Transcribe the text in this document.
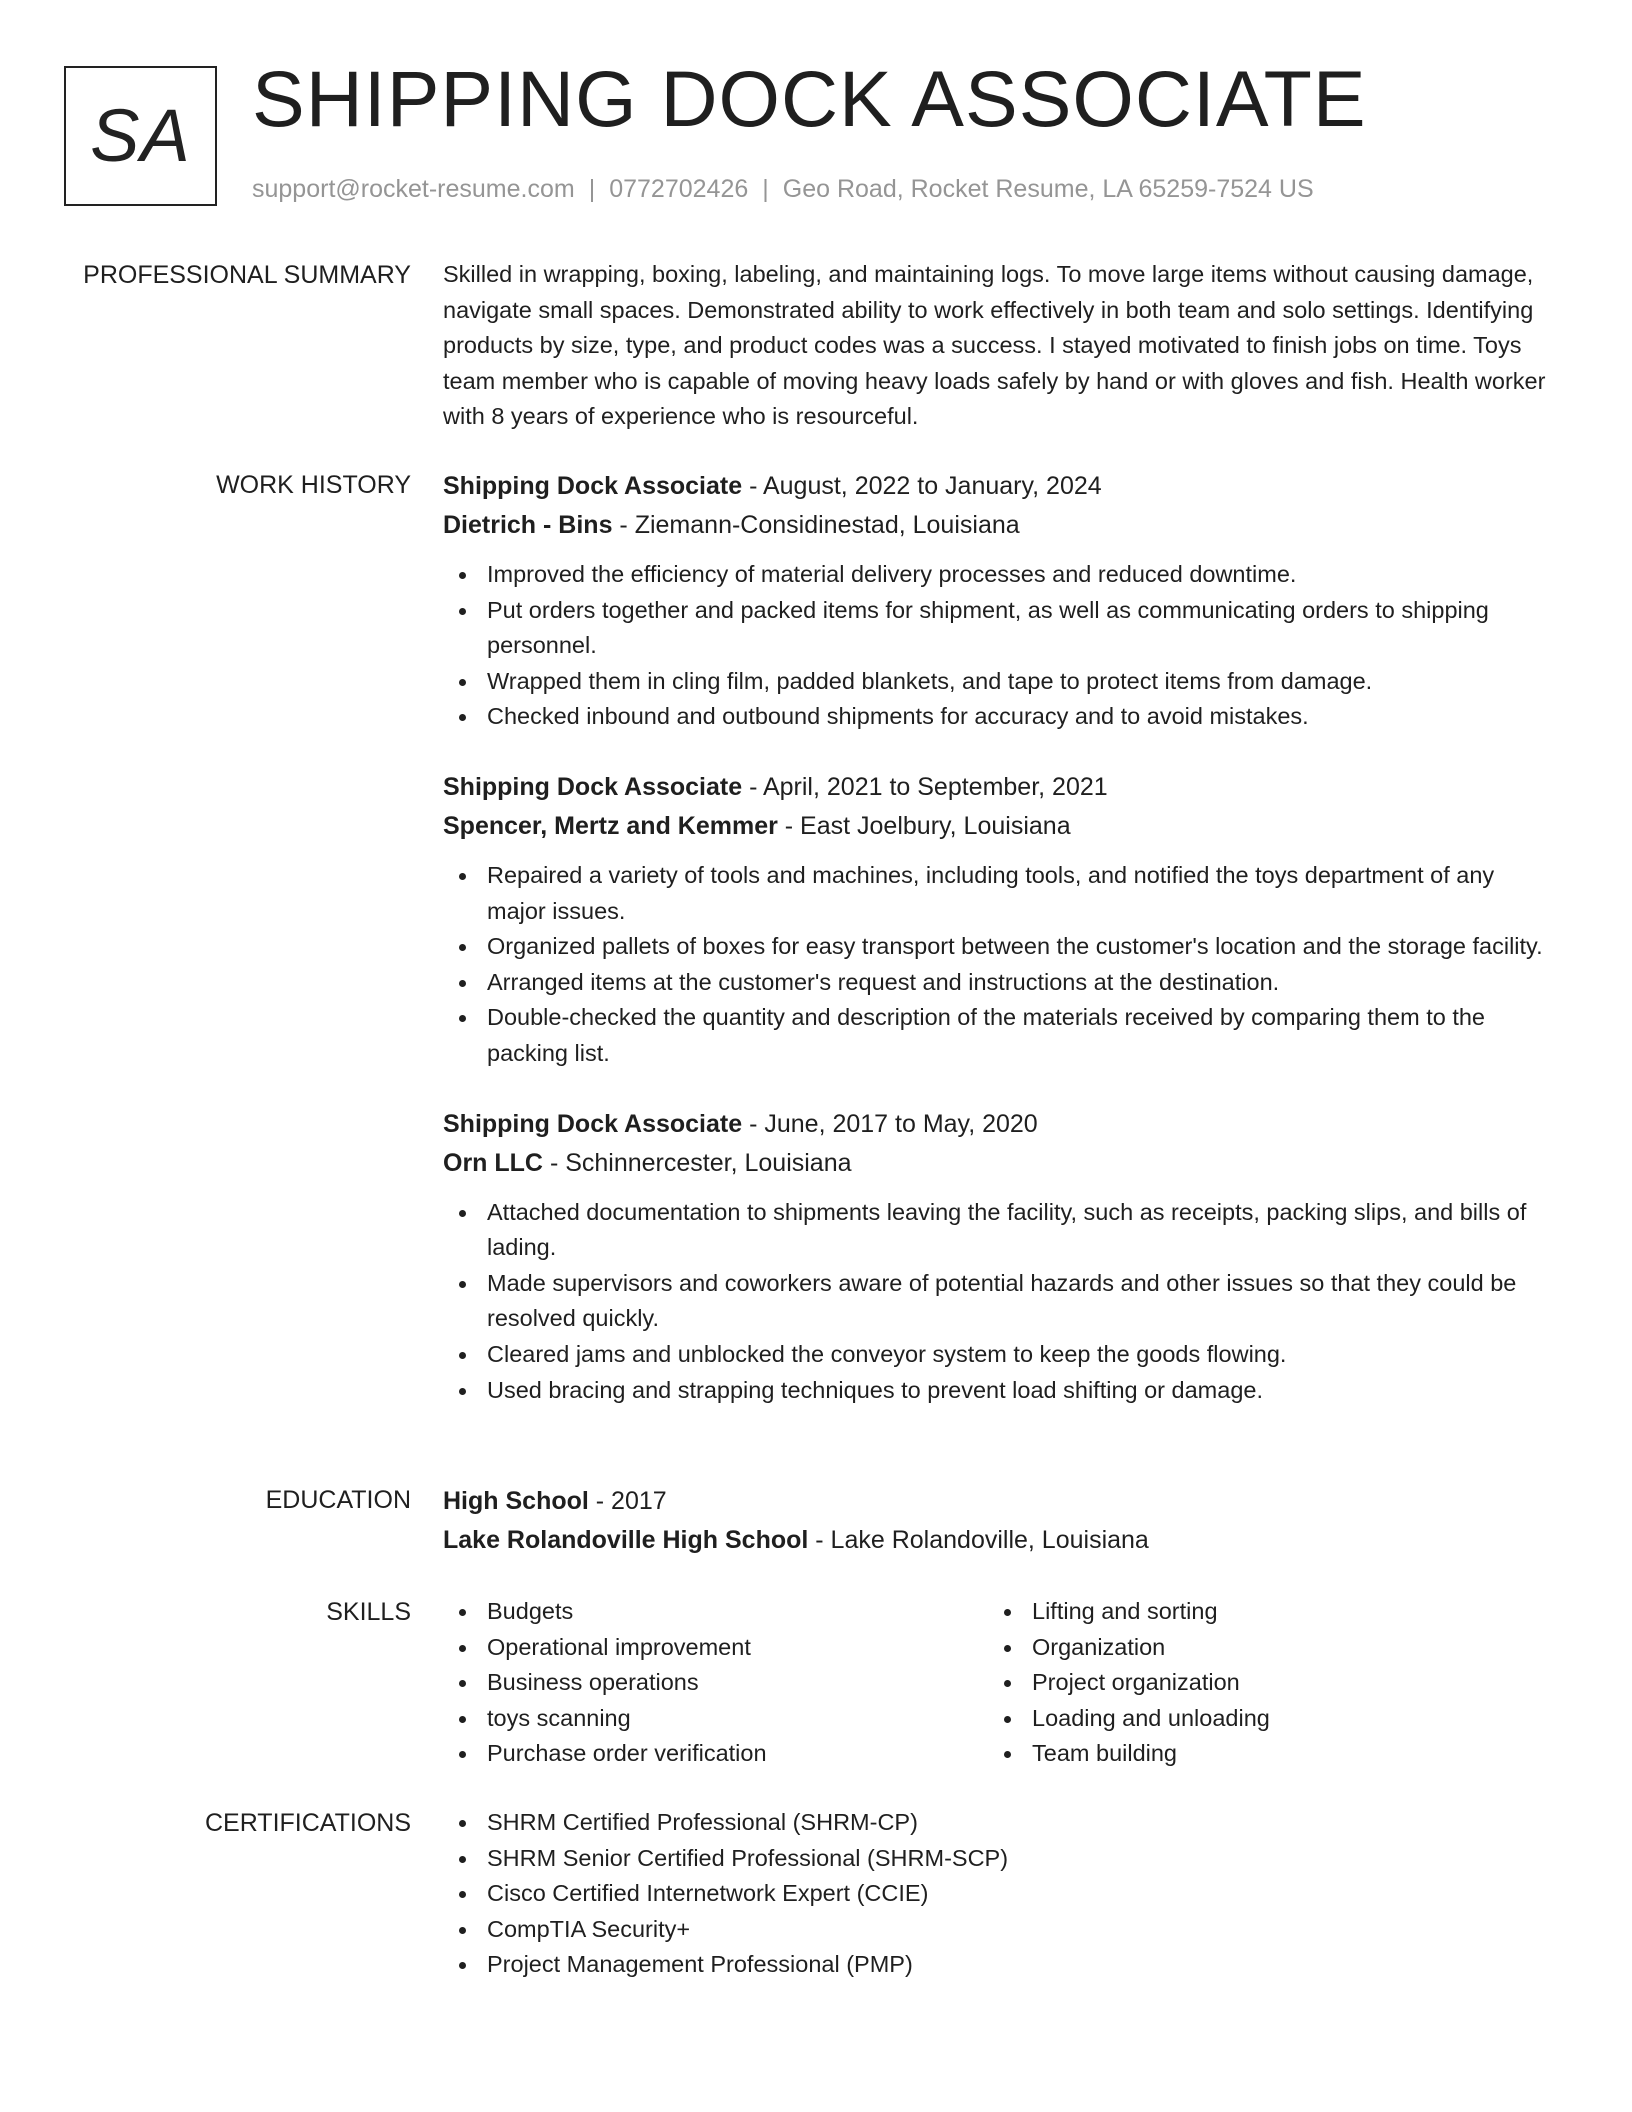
SA SHIPPING DOCK ASSOCIATE
support@rocket-resume.com | 0772702426 | Geo Road, Rocket Resume, LA 65259-7524 US
PROFESSIONAL SUMMARY Skilled in wrapping, boxing, labeling, and maintaining logs. To move large items without causing damage, navigate small spaces. Demonstrated ability to work effectively in both team and solo settings. Identifying products by size, type, and product codes was a success. I stayed motivated to finish jobs on time. Toys team member who is capable of moving heavy loads safely by hand or with gloves and fish. Health worker with 8 years of experience who is resourceful.

WORK HISTORY Shipping Dock Associate - August, 2022 to January, 2024
Dietrich - Bins - Ziemann-Considinestad, Louisiana
Improved the efficiency of material delivery processes and reduced downtime.
Put orders together and packed items for shipment, as well as communicating orders to shipping personnel.
Wrapped them in cling film, padded blankets, and tape to protect items from damage.
Checked inbound and outbound shipments for accuracy and to avoid mistakes.
Shipping Dock Associate - April, 2021 to September, 2021
Spencer, Mertz and Kemmer - East Joelbury, Louisiana
Repaired a variety of tools and machines, including tools, and notified the toys department of any major issues.
Organized pallets of boxes for easy transport between the customer's location and the storage facility.
Arranged items at the customer's request and instructions at the destination.
Double-checked the quantity and description of the materials received by comparing them to the packing list.
Shipping Dock Associate - June, 2017 to May, 2020
Orn LLC - Schinnercester, Louisiana
Attached documentation to shipments leaving the facility, such as receipts, packing slips, and bills of lading.
Made supervisors and coworkers aware of potential hazards and other issues so that they could be resolved quickly.
Cleared jams and unblocked the conveyor system to keep the goods flowing.
Used bracing and strapping techniques to prevent load shifting or damage.
EDUCATION High School - 2017
Lake Rolandoville High School - Lake Rolandoville, Louisiana
SKILLS	Budgets
Operational improvement
Business operations
toys scanning
Purchase order verification
Lifting and sorting
Organization
Project organization
Loading and unloading
Team building
CERTIFICATIONS	SHRM Certified Professional (SHRM-CP)
SHRM Senior Certified Professional (SHRM-SCP)
Cisco Certified Internetwork Expert (CCIE)
CompTIA Security+
Project Management Professional (PMP)
